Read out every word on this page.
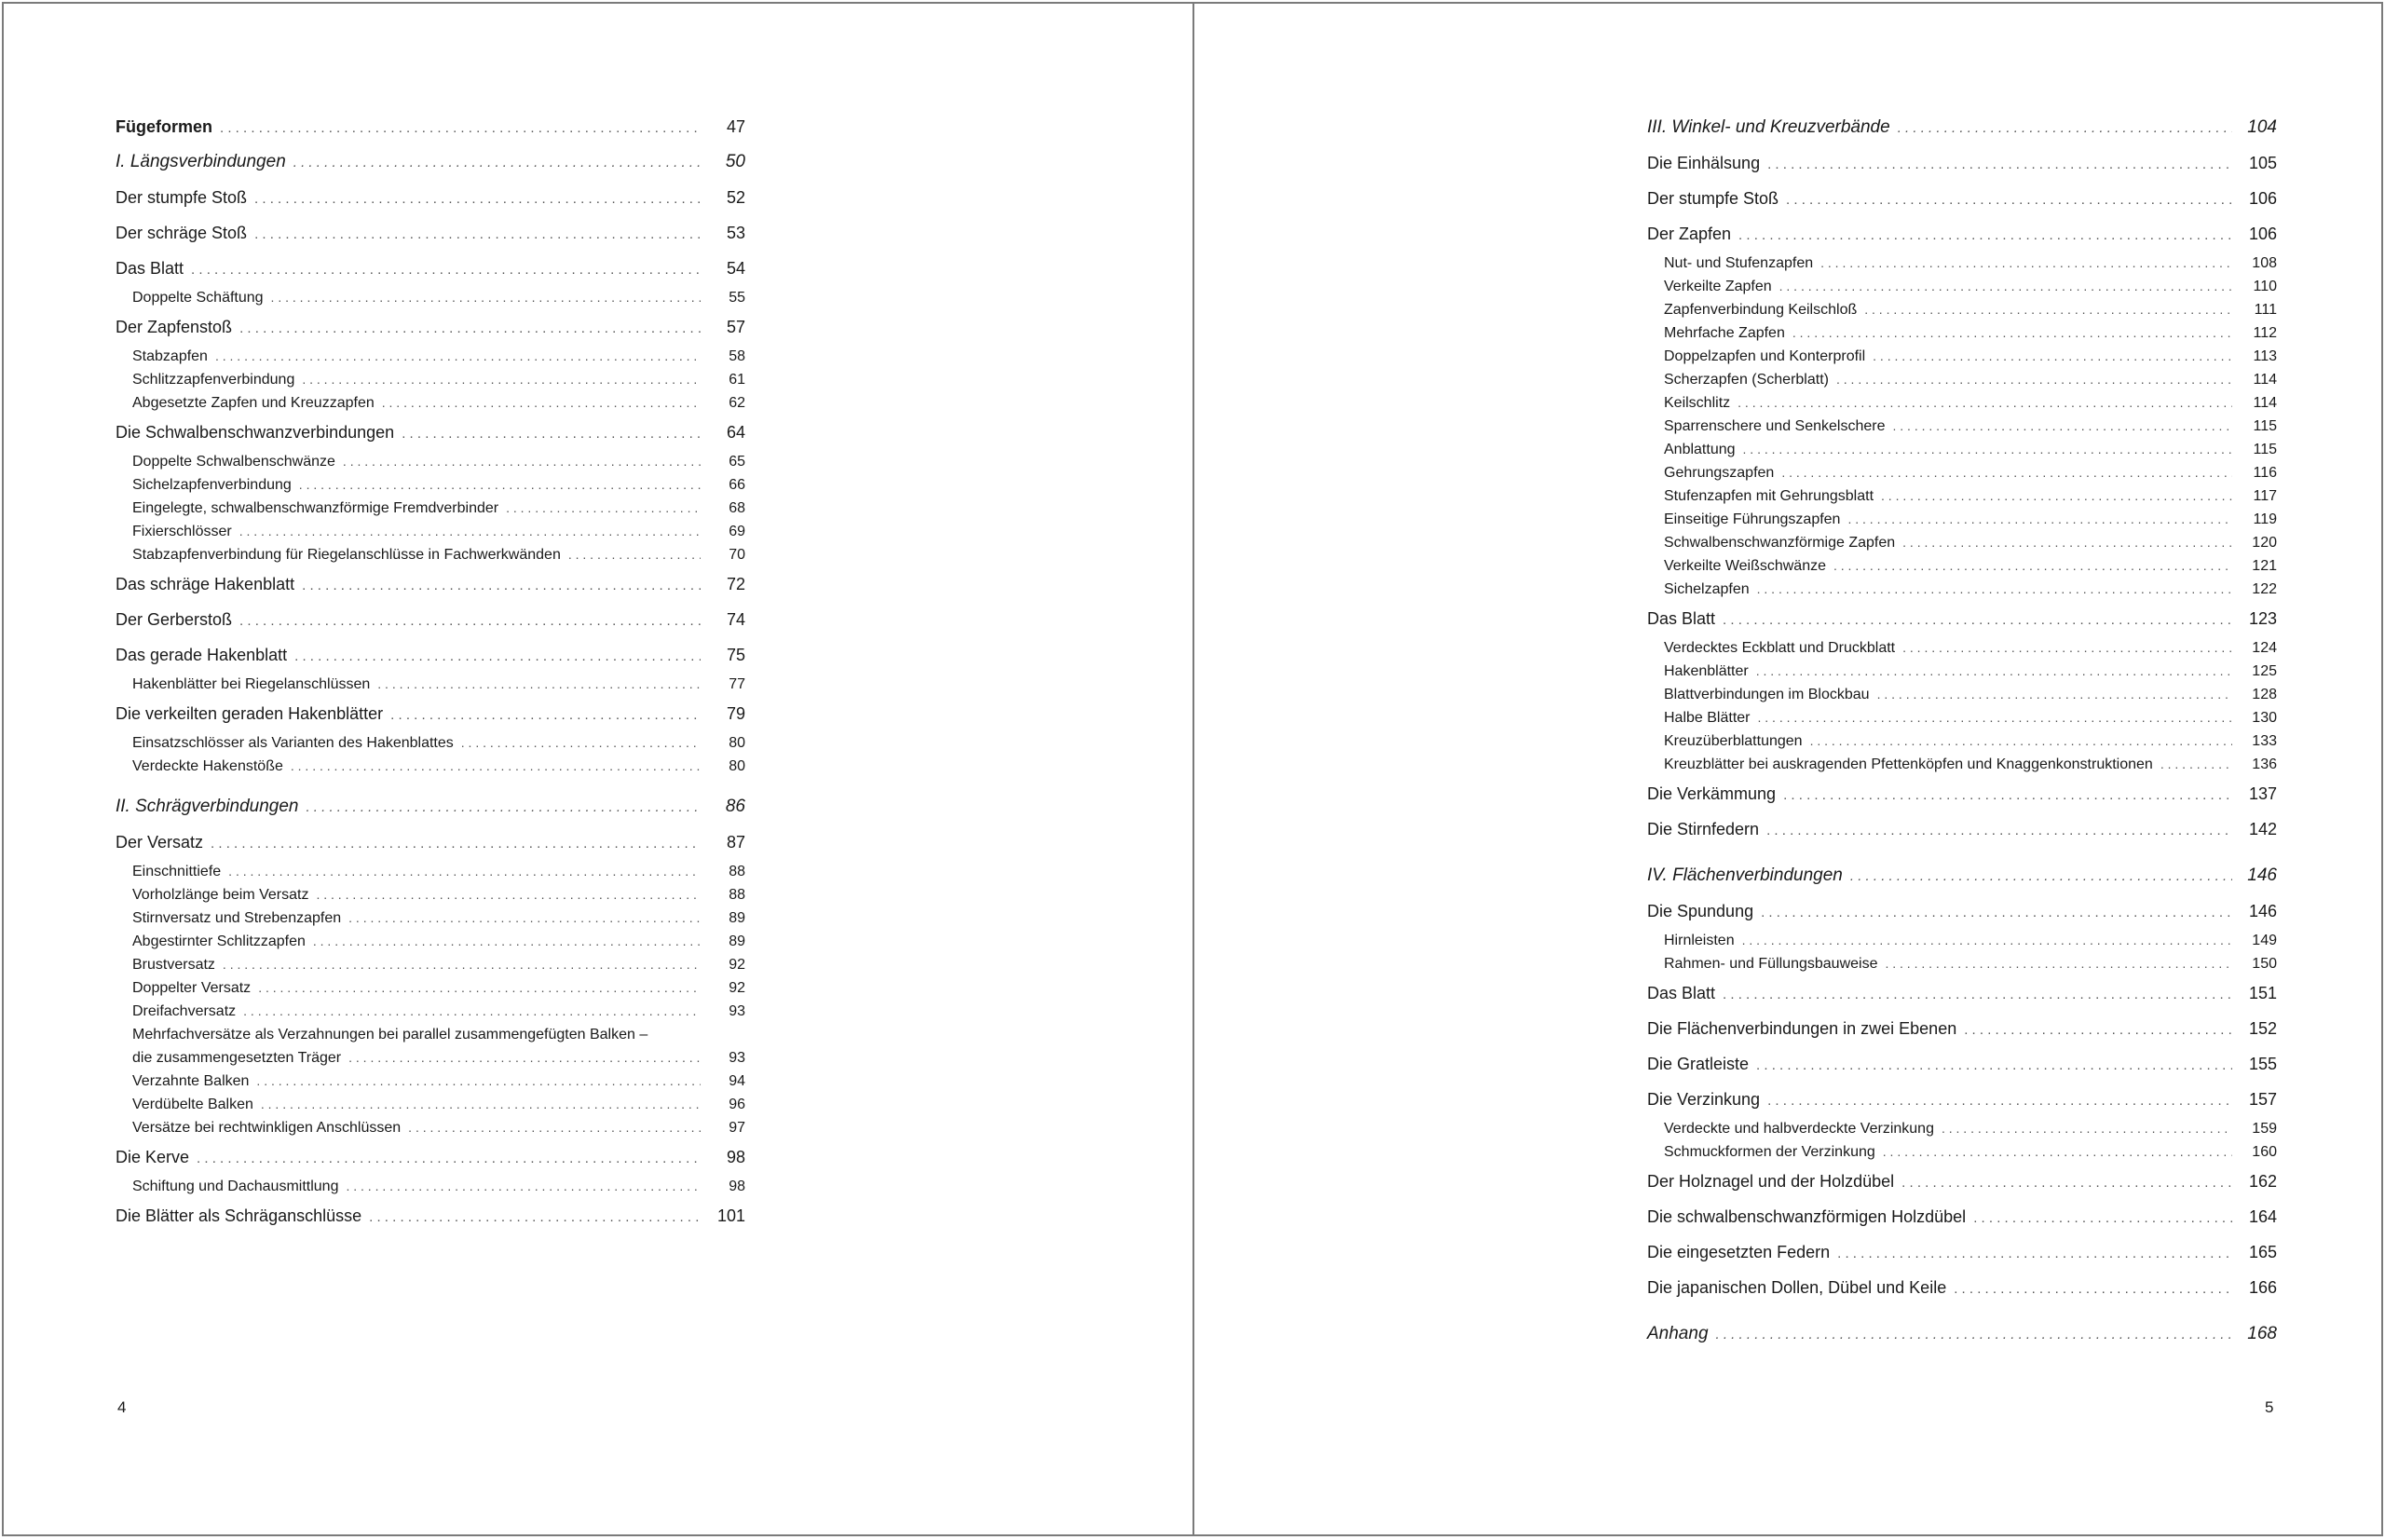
Fügeformen . . .	47
I. Längsverbindungen . . .	50
Der stumpfe Stoß . . .	52
Der schräge Stoß . . .	53
Das Blatt . . .	54
Doppelte Schäftung . . .	55
Der Zapfenstoß . . .	57
Stabzapfen . . .	58
Schlitzzapfenverbindung . . .	61
Abgesetzte Zapfen und Kreuzzapfen . . .	62
Die Schwalbenschwanzverbindungen . . .	64
Doppelte Schwalbenschwänze . . .	65
Sichelzapfenverbindung . . .	66
Eingelegte, schwalbenschwanzförmige Fremdverbinder . . .	68
Fixierschlösser . . .	69
Stabzapfenverbindung für Riegelanschlüsse in Fachwerkwänden . . .	70
Das schräge Hakenblatt . . .	72
Der Gerberstoß . . .	74
Das gerade Hakenblatt . . .	75
Hakenblätter bei Riegelanschlüssen . . .	77
Die verkeilten geraden Hakenblätter . . .	79
Einsatzschlösser als Varianten des Hakenblattes . . .	80
Verdeckte Hakenstöße . . .	80
II. Schrägverbindungen . . .	86
Der Versatz . . .	87
Einschnittiefe . . .	88
Vorholzlänge beim Versatz . . .	88
Stirnversatz und Strebenzapfen . . .	89
Abgestirnter Schlitzzapfen . . .	89
Brustversatz . . .	92
Doppelter Versatz . . .	92
Dreifachversatz . . .	93
Mehrfachversätze als Verzahnungen bei parallel zusammengefügten Balken –
die zusammengesetzten Träger . . .	93
Verzahnte Balken . . .	94
Verdübelte Balken . . .	96
Versätze bei rechtwinkligen Anschlüssen . . .	97
Die Kerve . . .	98
Schiftung und Dachausmittlung . . .	98
Die Blätter als Schräganschlüsse . . .	101
4
III. Winkel- und Kreuzverbände . . .	104
Die Einhälsung . . .	105
Der stumpfe Stoß . . .	106
Der Zapfen . . .	106
Nut- und Stufenzapfen . . .	108
Verkeilte Zapfen . . .	110
Zapfenverbindung Keilschloß . . .	111
Mehrfache Zapfen . . .	112
Doppelzapfen und Konterprofil . . .	113
Scherzapfen (Scherblatt) . . .	114
Keilschlitz . . .	114
Sparrenschere und Senkelschere . . .	115
Anblattung . . .	115
Gehrungszapfen . . .	116
Stufenzapfen mit Gehrungsblatt . . .	117
Einseitige Führungszapfen . . .	119
Schwalbenschwanzförmige Zapfen . . .	120
Verkeilte Weißschwänze . . .	121
Sichelzapfen . . .	122
Das Blatt . . .	123
Verdecktes Eckblatt und Druckblatt . . .	124
Hakenblätter . . .	125
Blattverbindungen im Blockbau . . .	128
Halbe Blätter . . .	130
Kreuzüberblattungen . . .	133
Kreuzblätter bei auskragenden Pfettenköpfen und Knaggenkonstruktionen . . .	136
Die Verkämmung . . .	137
Die Stirnfedern . . .	142
IV. Flächenverbindungen . . .	146
Die Spundung . . .	146
Hirnleisten . . .	149
Rahmen- und Füllungsbauweise . . .	150
Das Blatt . . .	151
Die Flächenverbindungen in zwei Ebenen . . .	152
Die Gratleiste . . .	155
Die Verzinkung . . .	157
Verdeckte und halbverdeckte Verzinkung . . .	159
Schmuckformen der Verzinkung . . .	160
Der Holznagel und der Holzdübel . . .	162
Die schwalbenschwanzförmigen Holzdübel . . .	164
Die eingesetzten Federn . . .	165
Die japanischen Dollen, Dübel und Keile . . .	166
Anhang . . .	168
5
